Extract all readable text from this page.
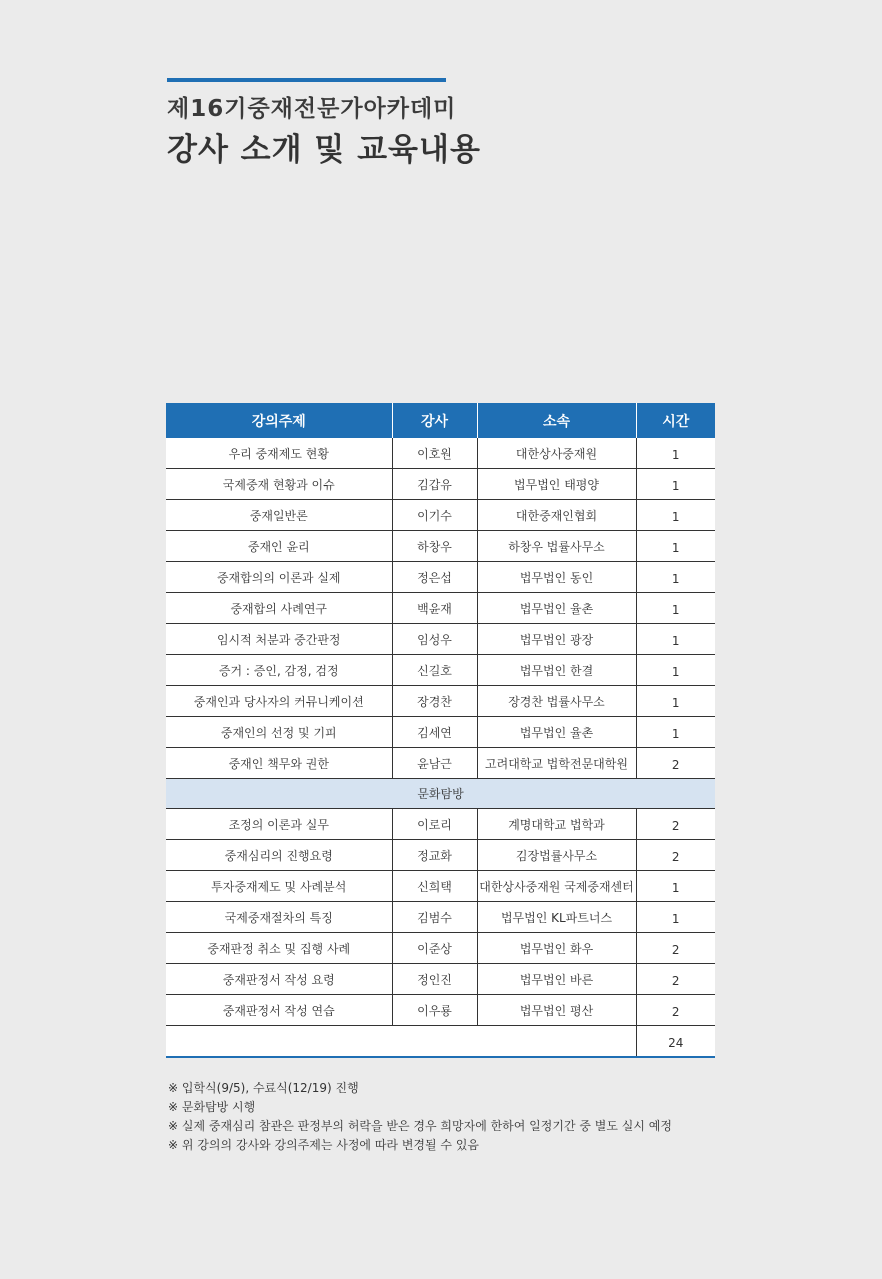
제16기중재전문가아카데미
강사 소개 및 교육내용
강의주제	강사	소속	시간
우리 중재제도 현황	이호원	대한상사중재원	1
국제중재 현황과 이슈	김갑유	법무법인 태평양	1
중재일반론	이기수	대한중재인협회	1
중재인 윤리	하창우	하창우 법률사무소	1
중재합의의 이론과 실제	정은섭	법무법인 동인	1
중재합의 사례연구	백윤재	법무법인 율촌	1
임시적 처분과 중간판정	임성우	법무법인 광장	1
증거 : 증인, 감정, 검정	신길호	법무법인 한결	1
중재인과 당사자의 커뮤니케이션	장경찬	장경찬 법률사무소	1
중재인의 선정 및 기피	김세연	법무법인 율촌	1
중재인 책무와 권한	윤남근	고려대학교 법학전문대학원	2
문화탐방			
조정의 이론과 실무	이로리	계명대학교 법학과	2
중재심리의 진행요령	정교화	김장법률사무소	2
투자중재제도 및 사례분석	신희택	대한상사중재원 국제중재센터	1
국제중재절차의 특징	김범수	법무법인 KL파트너스	1
중재판정 취소 및 집행 사례	이준상	법무법인 화우	2
중재판정서 작성 요령	정인진	법무법인 바른	2
중재판정서 작성 연습	이우룡	법무법인 평산	2
			24
※ 입학식(9/5), 수료식(12/19) 진행
※ 문화탐방 시행
※ 실제 중재심리 참관은 판정부의 허락을 받은 경우 희망자에 한하여 일정기간 중 별도 실시 예정
※ 위 강의의 강사와 강의주제는 사정에 따라 변경될 수 있음
